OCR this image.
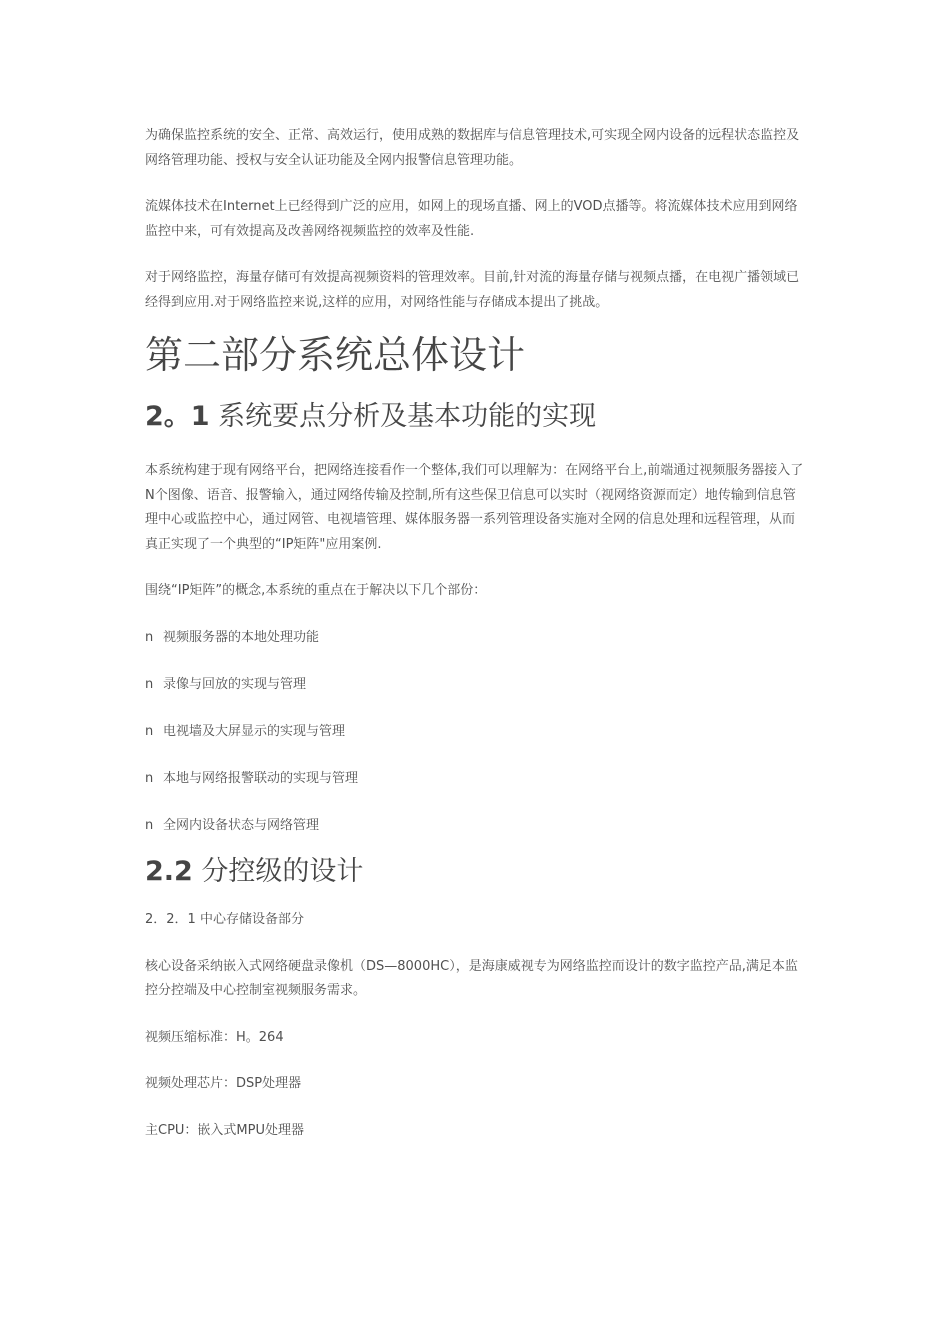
为确保监控系统的安全、正常、高效运行，使用成熟的数据库与信息管理技术,可实现全网内设备的远程状态监控及网络管理功能、授权与安全认证功能及全网内报警信息管理功能。

流媒体技术在Internet上已经得到广泛的应用，如网上的现场直播、网上的VOD点播等。将流媒体技术应用到网络监控中来，可有效提高及改善网络视频监控的效率及性能.

对于网络监控，海量存储可有效提高视频资料的管理效率。目前,针对流的海量存储与视频点播，在电视广播领域已经得到应用.对于网络监控来说,这样的应用，对网络性能与存储成本提出了挑战。

第二部分系统总体设计
2。1 系统要点分析及基本功能的实现

本系统构建于现有网络平台，把网络连接看作一个整体,我们可以理解为：在网络平台上,前端通过视频服务器接入了N个图像、语音、报警输入，通过网络传输及控制,所有这些保卫信息可以实时（视网络资源而定）地传输到信息管理中心或监控中心，通过网管、电视墙管理、媒体服务器一系列管理设备实施对全网的信息处理和远程管理，从而真正实现了一个典型的“IP矩阵"应用案例.

围绕“IP矩阵”的概念,本系统的重点在于解决以下几个部份：

n 视频服务器的本地处理功能
n 录像与回放的实现与管理
n 电视墙及大屏显示的实现与管理
n 本地与网络报警联动的实现与管理
n 全网内设备状态与网络管理
2.2 分控级的设计
2．2．1 中心存储设备部分

核心设备采纳嵌入式网络硬盘录像机（DS—8000HC），是海康威视专为网络监控而设计的数字监控产品,满足本监控分控端及中心控制室视频服务需求。

视频压缩标准：H。264

视频处理芯片：DSP处理器

主CPU：嵌入式MPU处理器
